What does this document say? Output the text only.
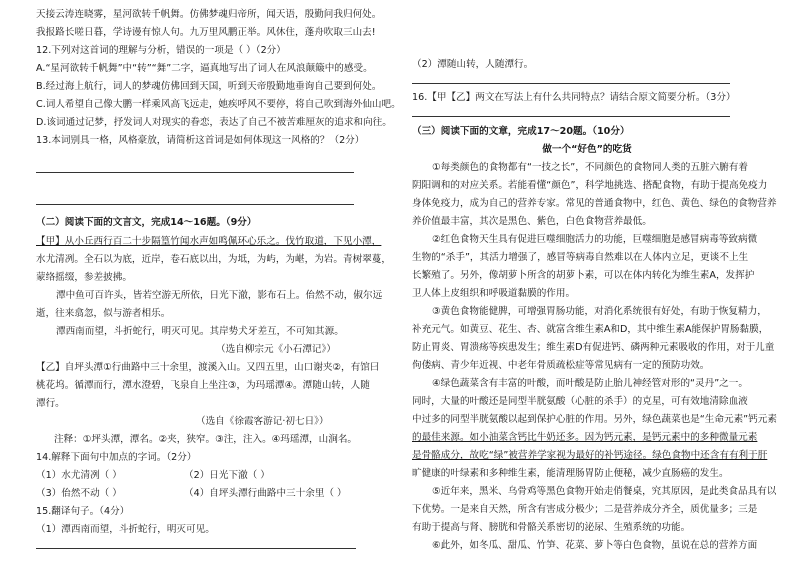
天接云涛连晓雾，星河欲转千帆舞。仿佛梦魂归帝所，闻天语，殷勤问我归何处。
我报路长嗟日暮，学诗谩有惊人句。九万里风鹏正举。风休住，蓬舟吹取三山去!
12.下列对这首词的理解与分析，错误的一项是（ ）（2分）
A.“星河欲转千帆舞”中“转”“舞”二字，逼真地写出了词人在风浪颠簸中的感受。
B.经过海上航行，词人的梦魂仿佛回到天国，听到天帝殷勤地垂询自己要到何处。
C.词人希望自己像大鹏一样乘风高飞远走，她疾呼风不要停，将自己吹到海外仙山吧。
D.该词通过记梦，抒发词人对现实的眷恋，表达了自己不被苦难厘灰的追求和向往。
13.本词别具一格，风格豪放，请简析这首词是如何体现这一风格的？（2分）
（二）阅读下面的文言文，完成14～16题。（9分）
【甲】从小丘西行百二十步隔篁竹闻水声如鸣佩环心乐之。伐竹取道，下见小潭，
水尤清冽。全石以为底，近岸，卷石底以出，为坻，为屿，为嵁，为岩。青树翠蔓，
蒙络摇缀，参差披拂。
潭中鱼可百许头，皆若空游无所依，日光下澈，影布石上。佁然不动，俶尔远
逝，往来翕忽，似与游者相乐。
潭西南而望，斗折蛇行，明灭可见。其岸势犬牙差互，不可知其源。
（选自柳宗元《小石潭记》）
【乙】自坪头潭①行曲路中三十余里，渡溪入山。又四五里，山口谢夹②，有馆曰
桃花坞。循潭而行，潭水澄碧，飞泉自上坐注③，为玛瑶潭④。潭随山转，人随
潭行。
（选自《徐霞客游记·初七日》）
注释：①坪头潭，潭名。②夹，狭窄。③注，注入。④玛瑶潭，山涧名。
14.解释下面句中加点的字词。（2分）
（1）水尤清冽（ ）	（2）日光下澈（ ）
（3）佁然不动（ ）	（4）自坪头潭行曲路中三十余里（ ）
15.翻译句子。（4分）
（1）潭西南而望，斗折蛇行，明灭可见。
（2）潭随山转，人随潭行。
16.【甲【乙】两文在写法上有什么共同特点？请结合原文简要分析。（3分）
（三）阅读下面的文章，完成17～20题。（10分）
做一个“好色”的吃货
①每类颜色的食物都有“一技之长”，不同颜色的食物同人类的五脏六腑有着
阴阳调和的对应关系。若能看懂“颜色”，科学地挑选、搭配食物，有助于提高免疫力
身体免疫力，成为自己的营养专家。常见的普通食物中，红色、黄色、绿色的食物营养
养价值最丰富，其次是黑色、紫色，白色食物营养最低。
②红色食物天生具有促进巨噬细胞活力的功能，巨噬细胞是感冒病毒等致病微
生物的“杀手”，其活力增强了，感冒等病毒自然难以在人体内立足，更谈不上生
长繁殖了。另外，像胡萝卜所含的胡萝卜素，可以在体内转化为维生素A，发挥护
卫人体上皮组织和呼吸道黏膜的作用。
③黄色食物能健脾，可增强胃肠功能，对消化系统很有好处，有助于恢复精力，
补充元气。如黄豆、花生、杏、就富含维生素A和D，其中维生素A能保护胃肠黏膜，
防止胃炎、胃溃疡等疾患发生；维生素D有促进钙、磷两种元素吸收的作用，对于儿童
佝偻病、青少年近视、中老年骨质疏松症等常见病有一定的预防功效。
④绿色蔬菜含有丰富的叶酸，而叶酸是防止胎儿神经管对形的“灵丹”之一。
同时，大量的叶酸还是同型半胱氨酸（心脏的杀手）的克星，可有效地清除血液
中过多的同型半胱氨酸以起到保护心脏的作用。另外，绿色蔬菜也是“生命元素”钙元素
的最佳来源。如小油菜含钙比牛奶还多。因为钙元素，是钙元素中的多种微量元素
是骨骼成分，故吃“绿”被营养学家视为最好的补钙途径。绿色食物中还含有有利于肝
旷健康的叶绿素和多种维生素，能清理肠胃防止便秘，减少直肠癌的发生。
⑤近年来，黑米、乌骨鸡等黑色食物开始走俏餐桌，究其原因，是此类食品具有以
下优势。一是来自天然，所含有害成分极少；二是营养成分齐全，质优量多；三是
有助于提高与肾、膀胱和骨骼关系密切的泌尿、生殖系统的功能。
⑥此外，如冬瓜、甜瓜、竹笋、花菜、萝卜等白色食物，虽说在总的营养方面
